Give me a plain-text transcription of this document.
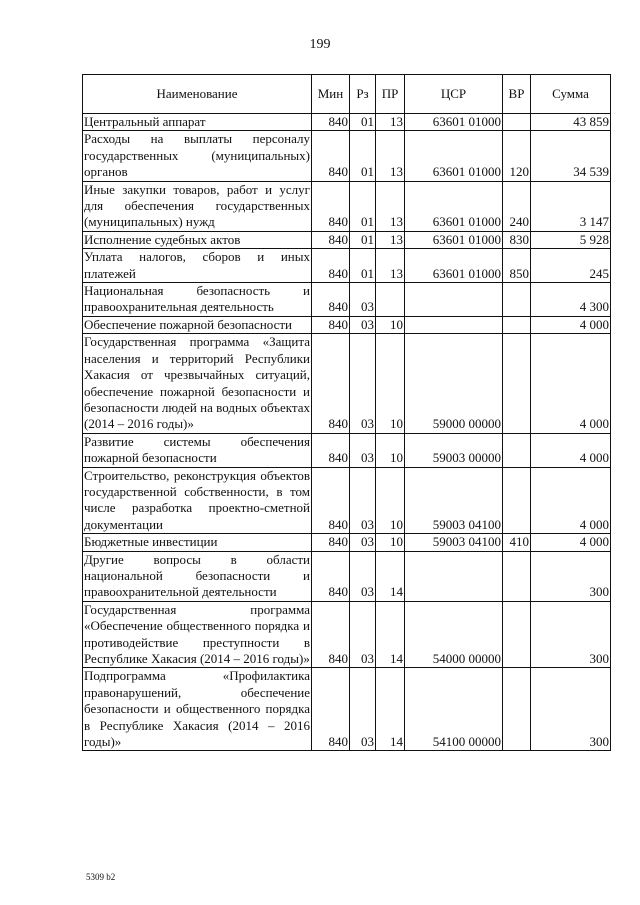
199
Наименование	Мин	Рз	ПР	ЦСР	ВР	Сумма
Центральный аппарат	840	01	13	63601 01000		43 859
Расходы на выплаты персоналу государственных (муниципальных) органов	840	01	13	63601 01000	120	34 539
Иные закупки товаров, работ и услуг для обеспечения государственных (муниципальных) нужд	840	01	13	63601 01000	240	3 147
Исполнение судебных актов	840	01	13	63601 01000	830	5 928
Уплата налогов, сборов и иных платежей	840	01	13	63601 01000	850	245
Национальная безопасность и правоохранительная деятельность	840	03				4 300
Обеспечение пожарной безопасности	840	03	10			4 000
Государственная программа «Защита населения и территорий Республики Хакасия от чрезвычайных ситуаций, обеспечение пожарной безопасности и безопасности людей на водных объектах (2014 – 2016 годы)»	840	03	10	59000 00000		4 000
Развитие системы обеспечения пожарной безопасности	840	03	10	59003 00000		4 000
Строительство, реконструкция объектов государственной собственности, в том числе разработка проектно-сметной документации	840	03	10	59003 04100		4 000
Бюджетные инвестиции	840	03	10	59003 04100	410	4 000
Другие вопросы в области национальной безопасности и правоохранительной деятельности	840	03	14			300
Государственная программа «Обеспечение общественного порядка и противодействие преступности в Республике Хакасия (2014 – 2016 годы)»	840	03	14	54000 00000		300
Подпрограмма «Профилактика правонарушений, обеспечение безопасности и общественного порядка в Республике Хакасия (2014 – 2016 годы)»	840	03	14	54100 00000		300
5309 b2
